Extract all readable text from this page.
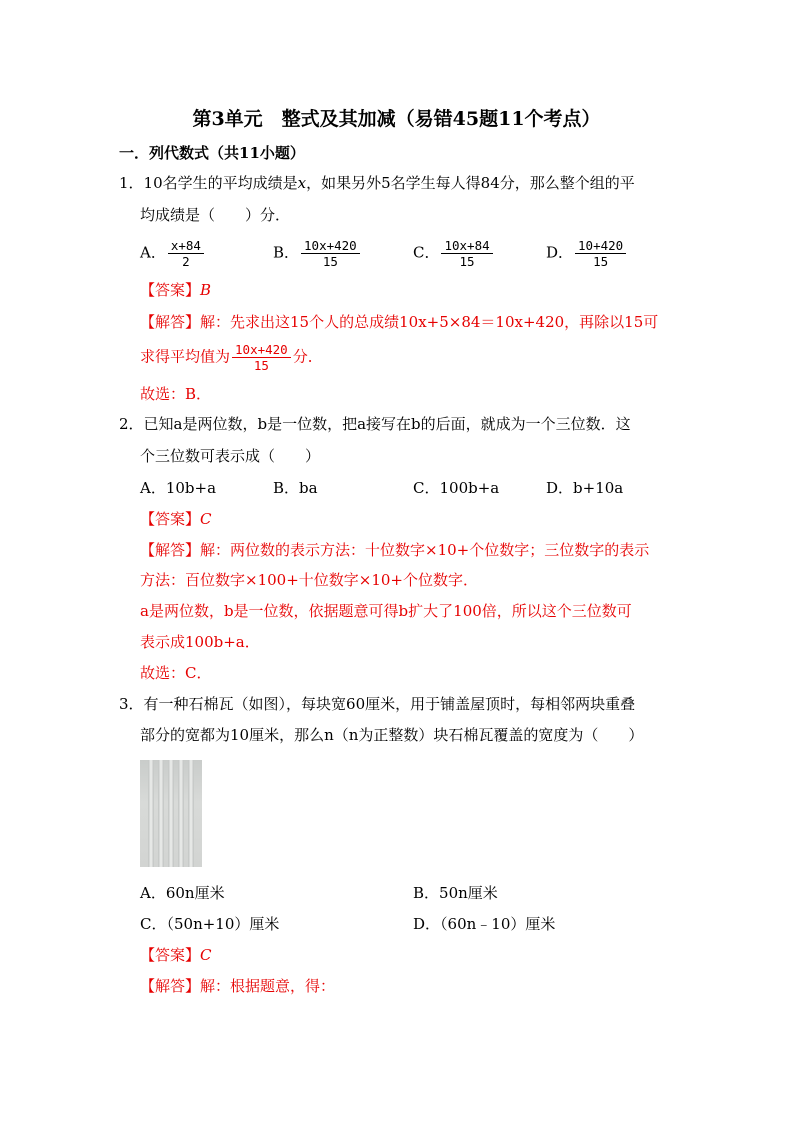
第3单元　整式及其加减（易错45题11个考点）
一．列代数式（共11小题）
1．10名学生的平均成绩是x，如果另外5名学生每人得84分，那么整个组的平
均成绩是（　　）分．
A． $\frac{x+84}{2}$	B． $\frac{10x+420}{15}$	C． $\frac{10x+84}{15}$	D． $\frac{10+420}{15}$
【答案】B
【解答】解：先求出这15个人的总成绩10x+5×84＝10x+420，再除以15可
求得平均值为 $\frac{10x+420}{15}$ 分．
故选：B．
2．已知a是两位数，b是一位数，把a接写在b的后面，就成为一个三位数．这
个三位数可表示成（　　）
A．10b+a	B．ba	C．100b+a	D．b+10a
【答案】C
【解答】解：两位数的表示方法：十位数字×10+个位数字；三位数字的表示
方法：百位数字×100+十位数字×10+个位数字．
a是两位数，b是一位数，依据题意可得b扩大了100倍，所以这个三位数可
表示成100b+a．
故选：C．
3．有一种石棉瓦（如图），每块宽60厘米，用于铺盖屋顶时，每相邻两块重叠
部分的宽都为10厘米，那么n（n为正整数）块石棉瓦覆盖的宽度为（　　）
A．60n厘米	B．50n厘米
C．（50n+10）厘米	D．（60n﹣10）厘米
【答案】C
【解答】解：根据题意，得：
